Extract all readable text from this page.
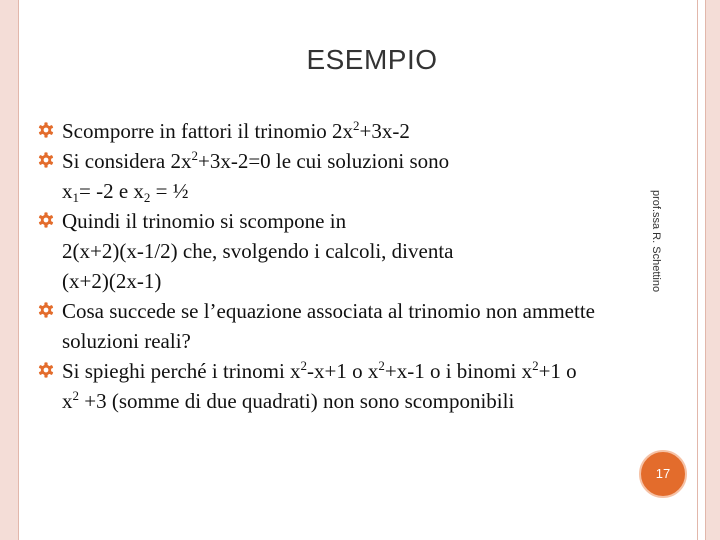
ESEMPIO
Scomporre in fattori il trinomio $2x^2+3x-2$
Si considera $2x^2+3x-2=0$ le cui soluzioni sono
$x_1= -2$ e $x_2$ = ½
Quindi il trinomio si scompone in
2(x+2)(x-1/2) che, svolgendo i calcoli, diventa
(x+2)(2x-1)
Cosa succede se l’equazione associata al trinomio non ammette
soluzioni reali?
Si spieghi perché i trinomi $x^2-x+1$ o $x^2+x-1$ o i binomi $x^2+1$ o
$x^2 +3$ (somme di due quadrati) non sono scomponibili
prof.ssa R. Schettino
17
